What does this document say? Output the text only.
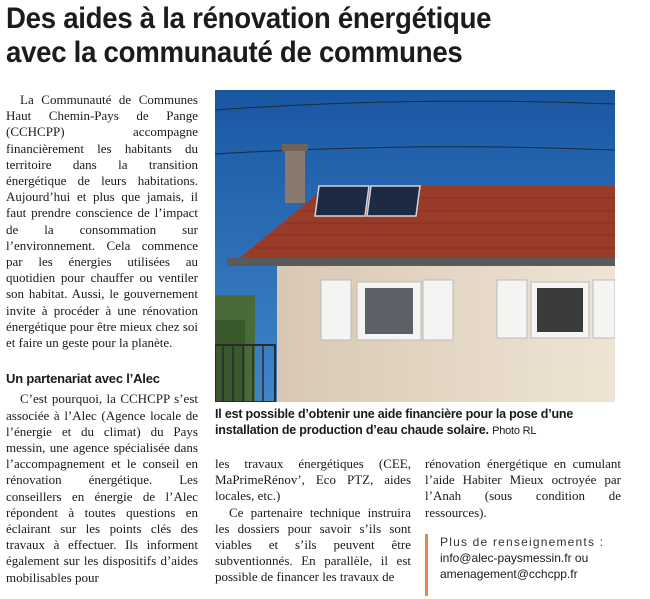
Des aides à la rénovation énergétique
avec la communauté de communes

La Communauté de Communes Haut Chemin-Pays de Pange (CCHCPP) accompagne financièrement les habitants du territoire dans la transition énergétique de leurs habitations. Aujourd’hui et plus que jamais, il faut prendre conscience de l’impact de la consommation sur l’environnement. Cela commence par les énergies utilisées au quotidien pour chauffer ou ventiler son habitat. Aussi, le gouvernement invite à procéder à une rénovation énergétique pour être mieux chez soi et faire un geste pour la planète.

Un partenariat avec l’Alec

C’est pourquoi, la CCHCPP s’est associée à l’Alec (Agence locale de l’énergie et du climat) du Pays messin, une agence spécialisée dans l’accompagnement et le conseil en rénovation énergétique. Les conseillers en énergie de l’Alec répondent à toutes questions en éclairant sur les points clés des travaux à effectuer. Ils informent également sur les dispositifs d’aides mobilisables pour

Il est possible d’obtenir une aide financière pour la pose d’une installation de production d’eau chaude solaire. Photo RL

les travaux énergétiques (CEE, MaPrimeRénov’, Eco PTZ, aides locales, etc.)

Ce partenaire technique instruira les dossiers pour savoir s’ils sont viables et s’ils peuvent être subventionnés. En parallèle, il est possible de financer les travaux de

rénovation énergétique en cumulant l’aide Habiter Mieux octroyée par l’Anah (sous condition de ressources).

Plus de renseignements :
info@alec-paysmessin.fr ou
amenagement@cchcpp.fr
